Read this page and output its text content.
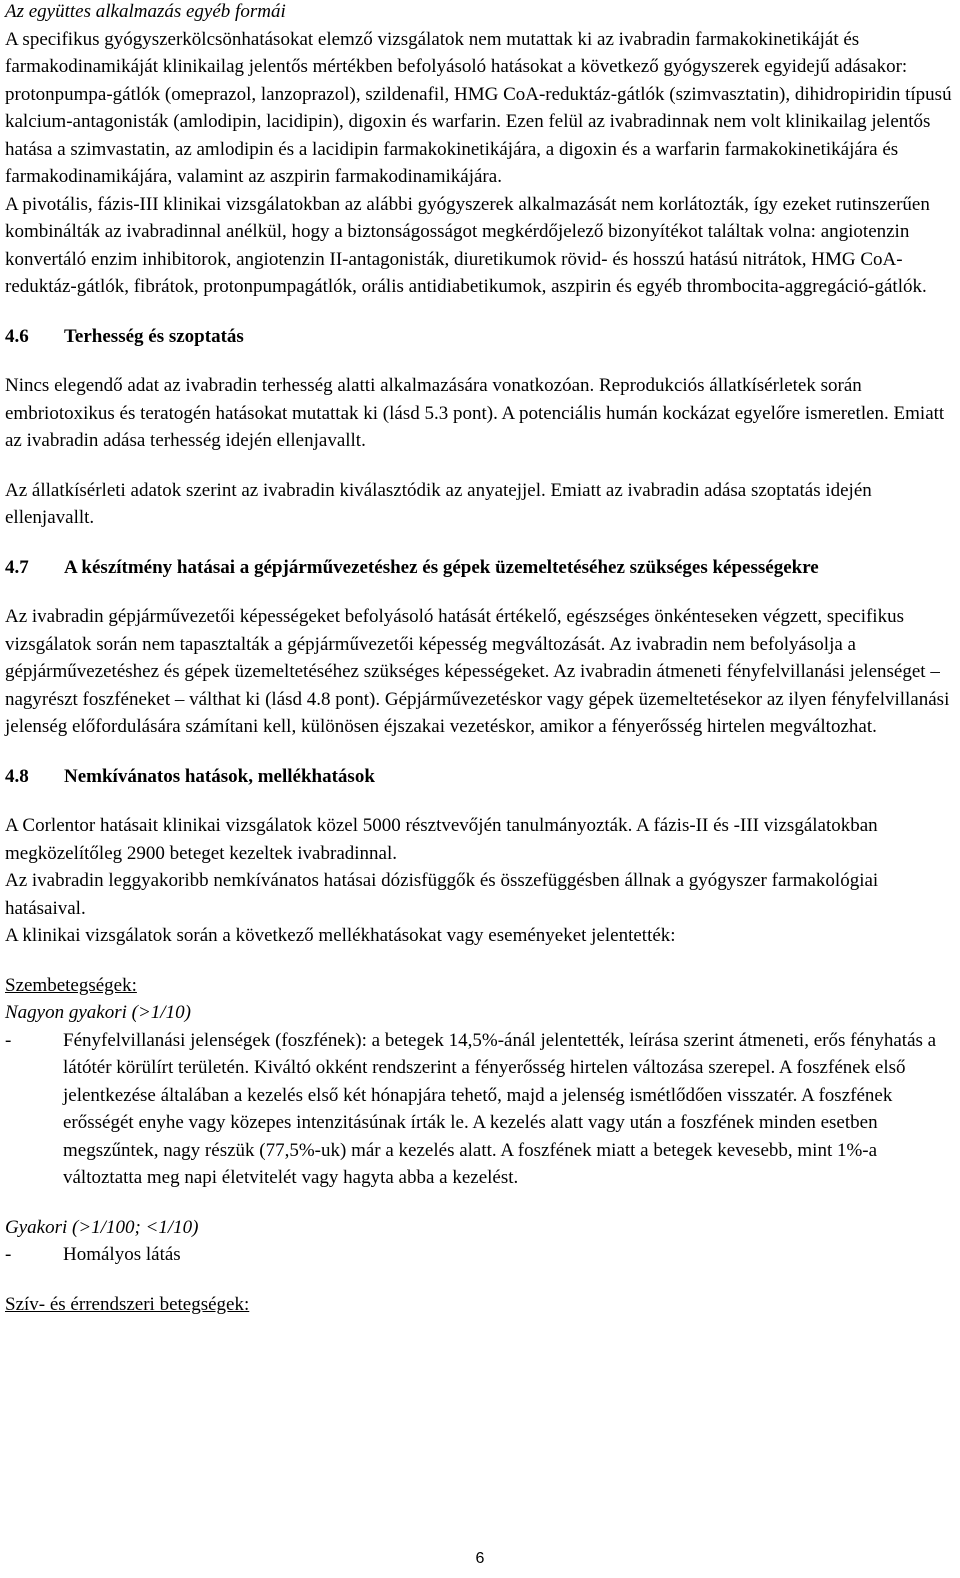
Az együttes alkalmazás egyéb formái

A specifikus gyógyszerkölcsönhatásokat elemző vizsgálatok nem mutattak ki az ivabradin farmakokinetikáját és farmakodinamikáját klinikailag jelentős mértékben befolyásoló hatásokat a következő gyógyszerek egyidejű adásakor: protonpumpa-gátlók (omeprazol, lanzoprazol), szildenafil, HMG CoA-reduktáz-gátlók (szimvasztatin), dihidropiridin típusú kalcium-antagonisták (amlodipin, lacidipin), digoxin és warfarin. Ezen felül az ivabradinnak nem volt klinikailag jelentős hatása a szimvastatin, az amlodipin és a lacidipin farmakokinetikájára, a digoxin és a warfarin farmakokinetikájára és farmakodinamikájára, valamint az aszpirin farmakodinamikájára.

A pivotális, fázis-III klinikai vizsgálatokban az alábbi gyógyszerek alkalmazását nem korlátozták, így ezeket rutinszerűen kombinálták az ivabradinnal anélkül, hogy a biztonságosságot megkérdőjelező bizonyítékot találtak volna: angiotenzin konvertáló enzim inhibitorok, angiotenzin II-antagonisták, diuretikumok rövid- és hosszú hatású nitrátok, HMG CoA-reduktáz-gátlók, fibrátok, protonpumpagátlók, orális antidiabetikumok, aszpirin és egyéb thrombocita-aggregáció-gátlók.

4.6	Terhesség és szoptatás

Nincs elegendő adat az ivabradin terhesség alatti alkalmazására vonatkozóan. Reprodukciós állatkísérletek során embriotoxikus és teratogén hatásokat mutattak ki (lásd 5.3 pont). A potenciális humán kockázat egyelőre ismeretlen. Emiatt az ivabradin adása terhesség idején ellenjavallt.

Az állatkísérleti adatok szerint az ivabradin kiválasztódik az anyatejjel. Emiatt az ivabradin adása szoptatás idején ellenjavallt.

4.7	A készítmény hatásai a gépjárművezetéshez és gépek üzemeltetéséhez szükséges képességekre

Az ivabradin gépjárművezetői képességeket befolyásoló hatását értékelő, egészséges önkénteseken végzett, specifikus vizsgálatok során nem tapasztalták a gépjárművezetői képesség megváltozását. Az ivabradin nem befolyásolja a gépjárművezetéshez és gépek üzemeltetéséhez szükséges képességeket. Az ivabradin átmeneti fényfelvillanási jelenséget – nagyrészt foszféneket – válthat ki (lásd 4.8 pont). Gépjárművezetéskor vagy gépek üzemeltetésekor az ilyen fényfelvillanási jelenség előfordulására számítani kell, különösen éjszakai vezetéskor, amikor a fényerősség hirtelen megváltozhat.

4.8	Nemkívánatos hatások, mellékhatások

A Corlentor hatásait klinikai vizsgálatok közel 5000 résztvevőjén tanulmányozták. A fázis-II és -III vizsgálatokban megközelítőleg 2900 beteget kezeltek ivabradinnal.

Az ivabradin leggyakoribb nemkívánatos hatásai dózisfüggők és összefüggésben állnak a gyógyszer farmakológiai hatásaival.

A klinikai vizsgálatok során a következő mellékhatásokat vagy eseményeket jelentették:

Szembetegségek:

Nagyon gyakori (>1/10)

-	Fényfelvillanási jelenségek (foszfének): a betegek 14,5%-ánál jelentették, leírása szerint átmeneti, erős fényhatás a látótér körülírt területén. Kiváltó okként rendszerint a fényerősség hirtelen változása szerepel. A foszfének első jelentkezése általában a kezelés első két hónapjára tehető, majd a jelenség ismétlődően visszatér. A foszfének erősségét enyhe vagy közepes intenzitásúnak írták le. A kezelés alatt vagy után a foszfének minden esetben megszűntek, nagy részük (77,5%-uk) már a kezelés alatt. A foszfének miatt a betegek kevesebb, mint 1%-a változtatta meg napi életvitelét vagy hagyta abba a kezelést.

Gyakori (>1/100; <1/10)

-	Homályos látás

Szív- és érrendszeri betegségek:

6
